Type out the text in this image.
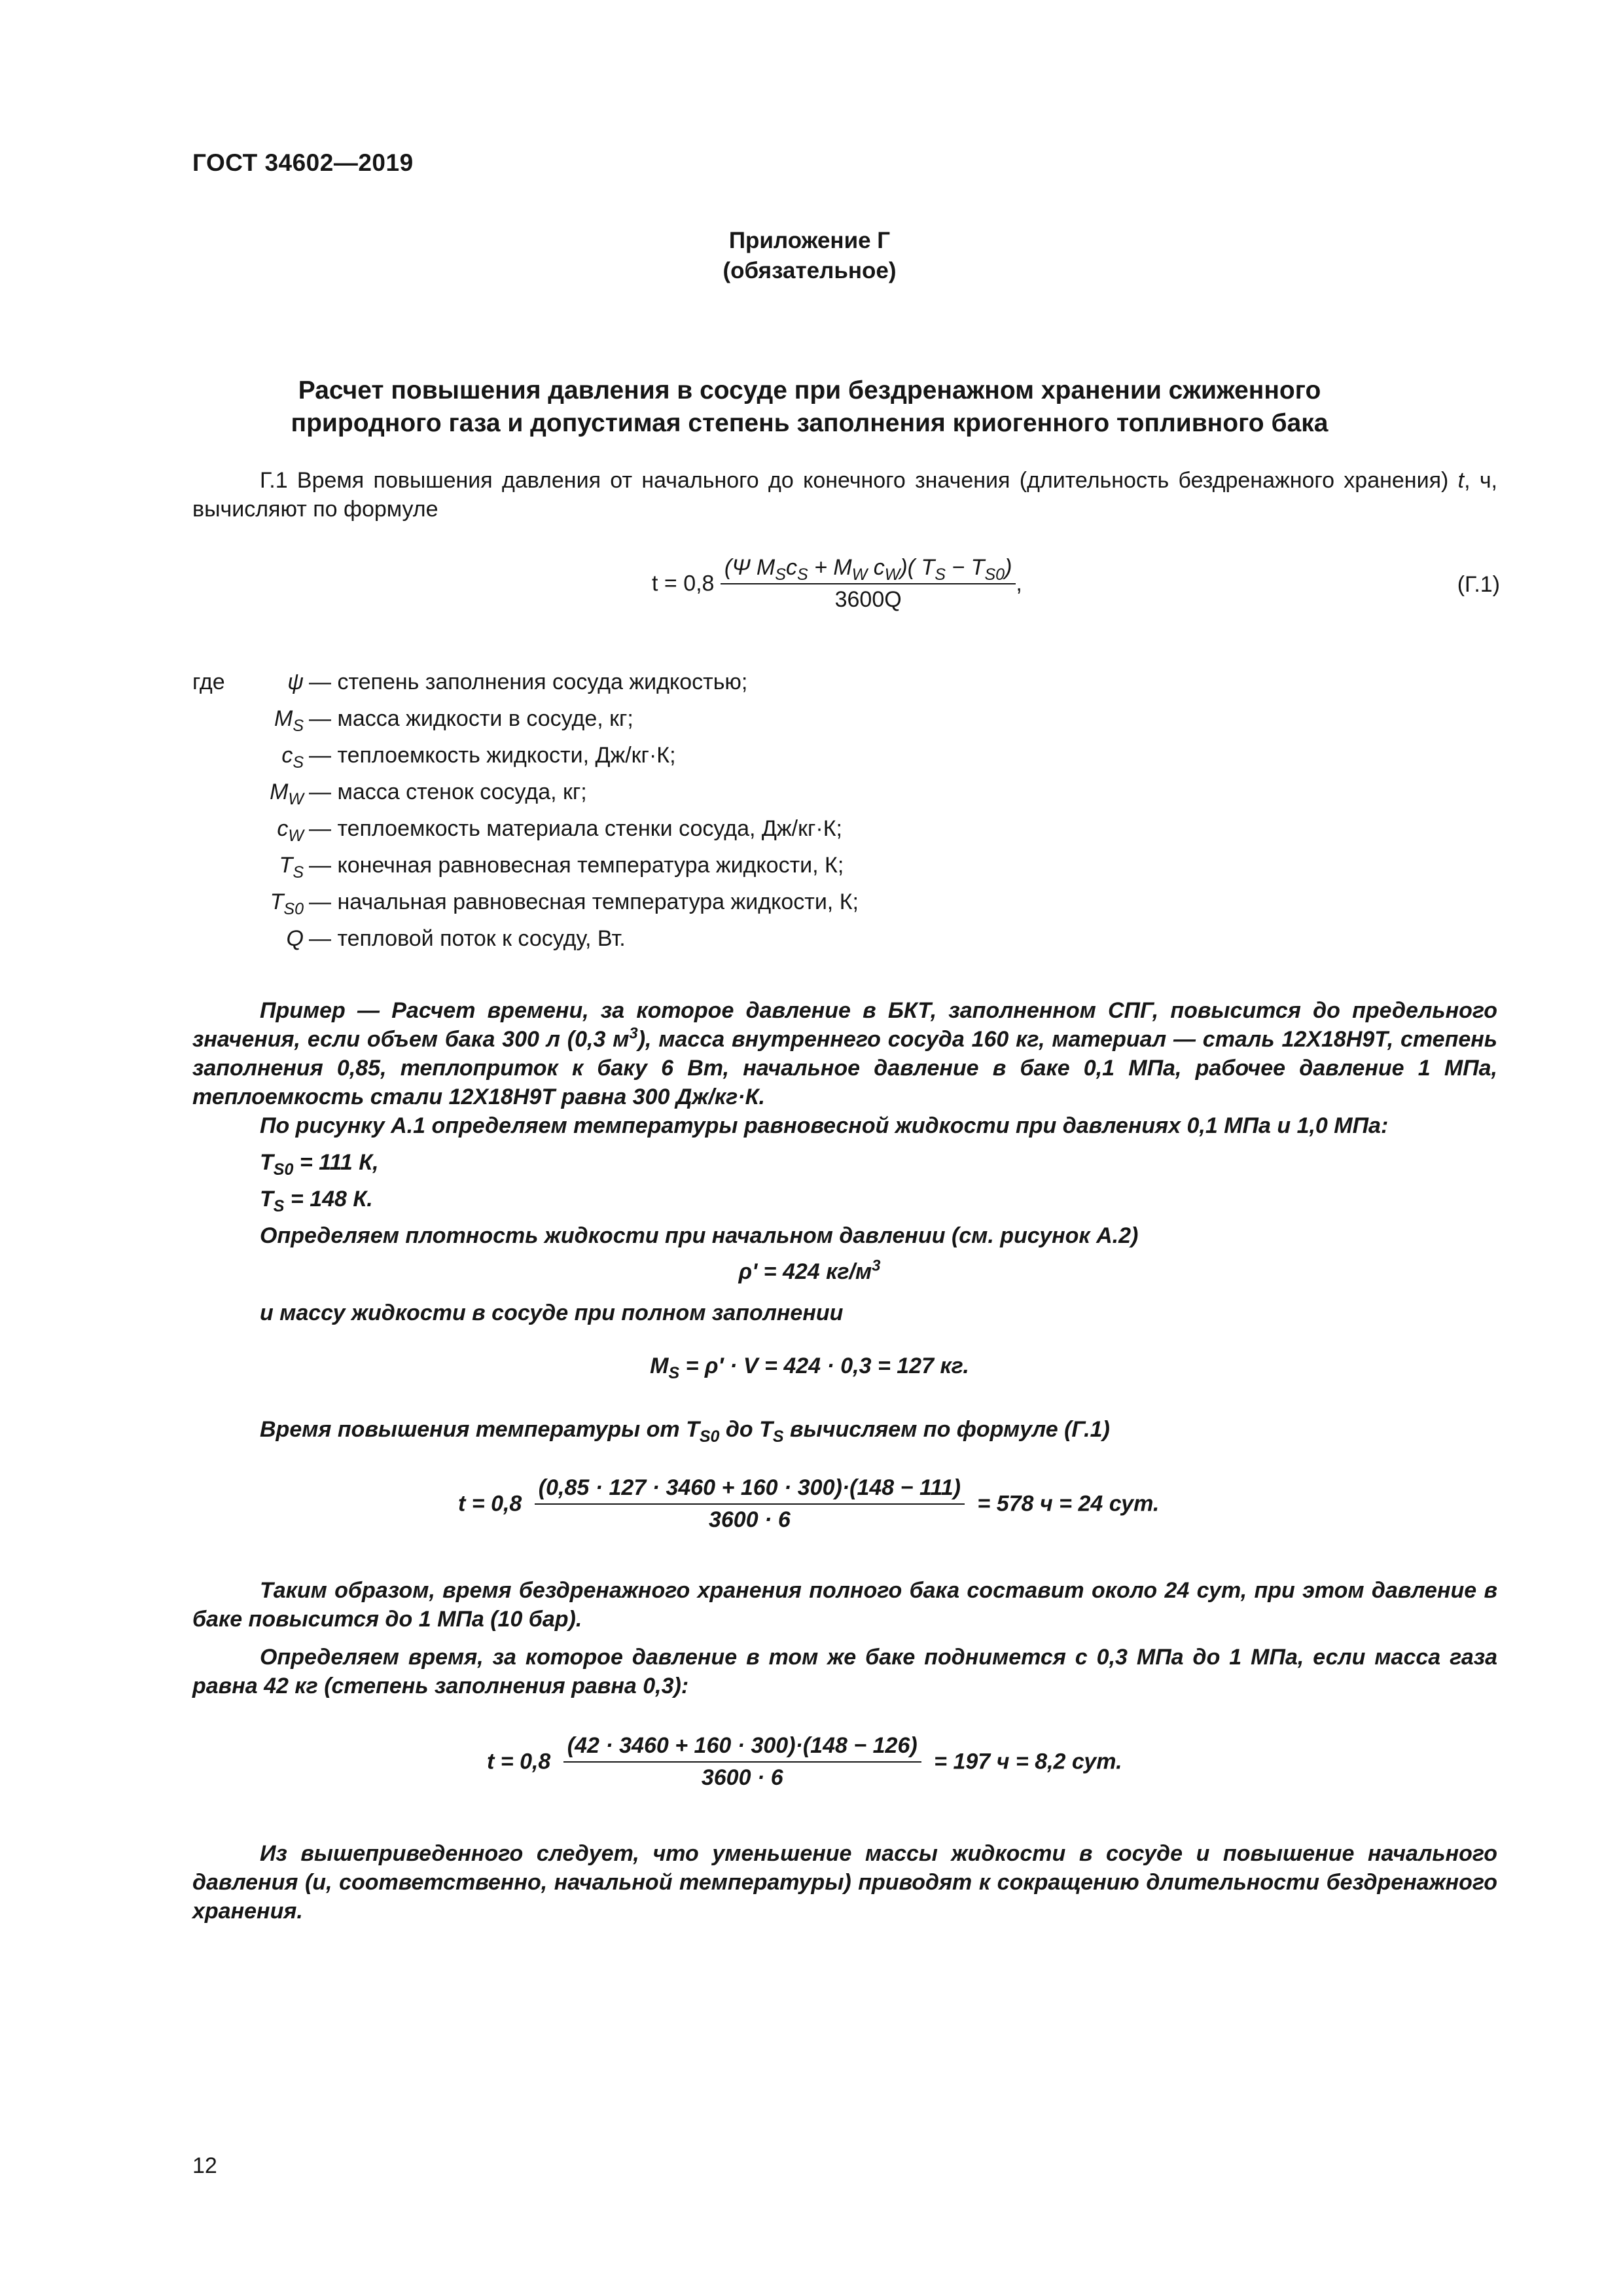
ГОСТ 34602—2019
Приложение Г
(обязательное)
Расчет повышения давления в сосуде при бездренажном хранении сжиженного
природного газа и допустимая степень заполнения криогенного топливного бака
Г.1 Время повышения давления от начального до конечного значения (длительность бездренажного хранения) t, ч, вычисляют по формуле
$t = 0,8 \frac{(\Psi M_Sc_S + M_W c_W)( T_S - T_{S0})}{3600Q}$ ,	(Г.1)
где	ψ — степень заполнения сосуда жидкостью;
$M_S$ — масса жидкости в сосуде, кг;
$c_S$ — теплоемкость жидкости, Дж/кг·К;
$M_W$ — масса стенок сосуда, кг;
$c_W$ — теплоемкость материала стенки сосуда, Дж/кг·К;
$T_S$ — конечная равновесная температура жидкости, К;
$T_{S0}$ — начальная равновесная температура жидкости, К;
Q — тепловой поток к сосуду, Вт.
Пример — Расчет времени, за которое давление в БКТ, заполненном СПГ, повысится до предельного значения, если объем бака 300 л (0,3 $м^3$), масса внутреннего сосуда 160 кг, материал — сталь 12Х18Н9Т, степень заполнения 0,85, теплоприток к баку 6 Вт, начальное давление в баке 0,1 МПа, рабочее давление 1 МПа, теплоемкость стали 12Х18Н9Т равна 300 Дж/кг·К.
По рисунку А.1 определяем температуры равновесной жидкости при давлениях 0,1 МПа и 1,0 МПа:
$T_{S0} = 111$ К,
$T_S = 148$ К.
Определяем плотность жидкости при начальном давлении (см. рисунок А.2)
ρ' = 424 $кг/м^3$
и массу жидкости в сосуде при полном заполнении
$M_S = \rho' \cdot V = 424 \cdot 0,3 = 127$ кг.
Время повышения температуры от $T_{S0}$ до $T_S$ вычисляем по формуле (Г.1)
$t = 0,8 \frac{(0,85 \cdot 127 \cdot 3460 + 160 \cdot 300)\cdot(148 - 111)}{3600 \cdot 6} = 578$ ч = 24 сут.
Таким образом, время бездренажного хранения полного бака составит около 24 сут, при этом давление в баке повысится до 1 МПа (10 бар).
Определяем время, за которое давление в том же баке поднимется с 0,3 МПа до 1 МПа, если масса газа равна 42 кг (степень заполнения равна 0,3):
$t = 0,8 \frac{(42 \cdot 3460 + 160 \cdot 300)\cdot(148 - 126)}{3600 \cdot 6} = 197$ ч = 8,2 сут.
Из вышеприведенного следует, что уменьшение массы жидкости в сосуде и повышение начального давления (и, соответственно, начальной температуры) приводят к сокращению длительности бездренажного хранения.
12
